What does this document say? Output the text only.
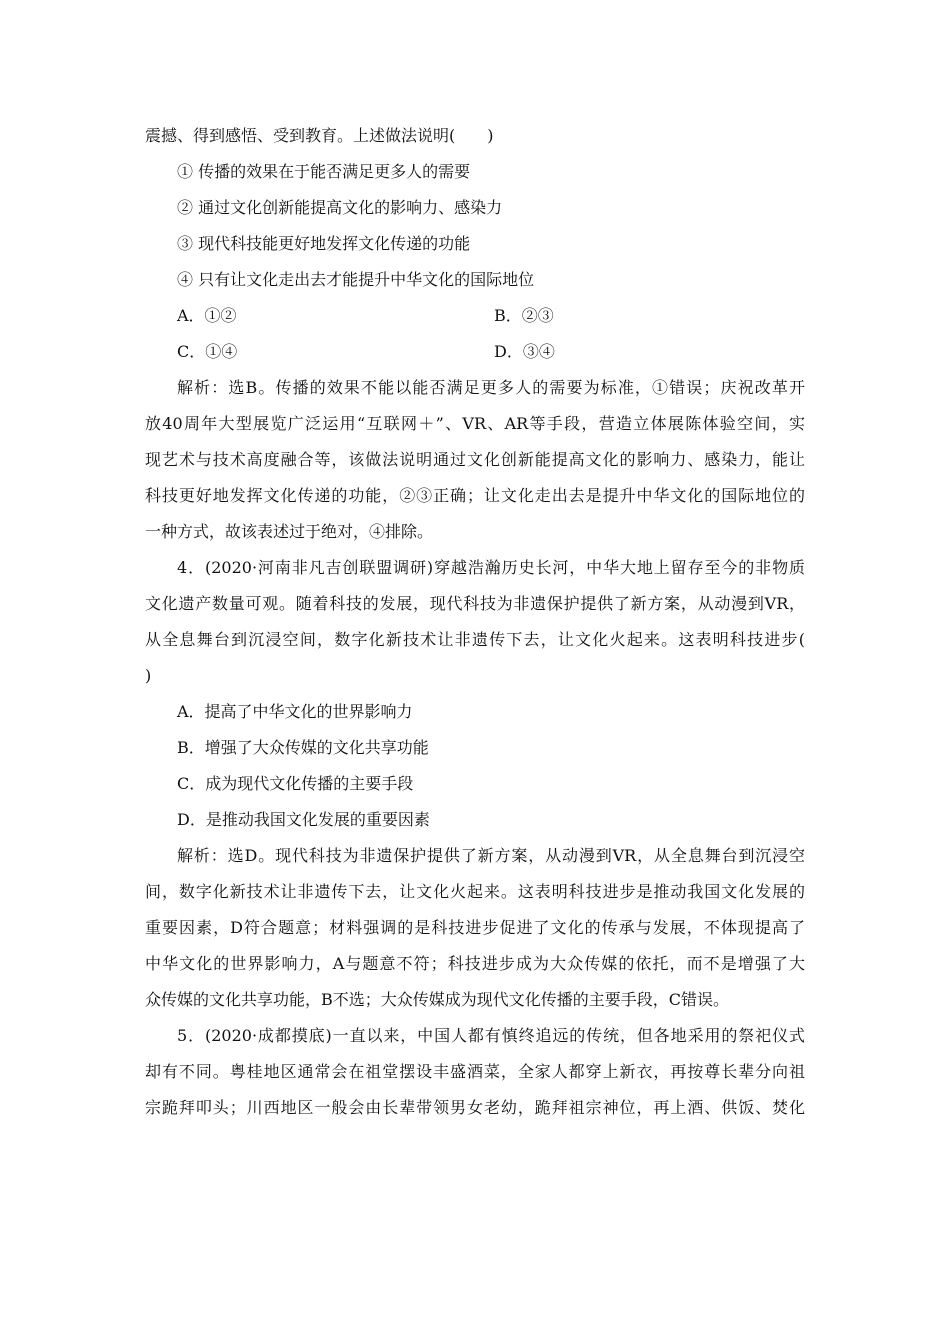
震撼、得到感悟、受到教育。上述做法说明(　　)
① 传播的效果在于能否满足更多人的需要
② 通过文化创新能提高文化的影响力、感染力
③ 现代科技能更好地发挥文化传递的功能
④ 只有让文化走出去才能提升中华文化的国际地位
A．①②	B．②③
C．①④	D．③④
解析：选B。传播的效果不能以能否满足更多人的需要为标准，①错误；庆祝改革开
放40周年大型展览广泛运用“互联网＋”、VR、AR等手段，营造立体展陈体验空间，实
现艺术与技术高度融合等，该做法说明通过文化创新能提高文化的影响力、感染力，能让
科技更好地发挥文化传递的功能，②③正确；让文化走出去是提升中华文化的国际地位的
一种方式，故该表述过于绝对，④排除。
4．(2020·河南非凡吉创联盟调研)穿越浩瀚历史长河，中华大地上留存至今的非物质
文化遗产数量可观。随着科技的发展，现代科技为非遗保护提供了新方案，从动漫到VR，
从全息舞台到沉浸空间，数字化新技术让非遗传下去，让文化火起来。这表明科技进步(
)
A．提高了中华文化的世界影响力
B．增强了大众传媒的文化共享功能
C．成为现代文化传播的主要手段
D．是推动我国文化发展的重要因素
解析：选D。现代科技为非遗保护提供了新方案，从动漫到VR，从全息舞台到沉浸空
间，数字化新技术让非遗传下去，让文化火起来。这表明科技进步是推动我国文化发展的
重要因素，D符合题意；材料强调的是科技进步促进了文化的传承与发展，不体现提高了
中华文化的世界影响力，A与题意不符；科技进步成为大众传媒的依托，而不是增强了大
众传媒的文化共享功能，B不选；大众传媒成为现代文化传播的主要手段，C错误。
5．(2020·成都摸底)一直以来，中国人都有慎终追远的传统，但各地采用的祭祀仪式
却有不同。粤桂地区通常会在祖堂摆设丰盛酒菜，全家人都穿上新衣，再按尊长辈分向祖
宗跪拜叩头；川西地区一般会由长辈带领男女老幼，跪拜祖宗神位，再上酒、供饭、焚化
